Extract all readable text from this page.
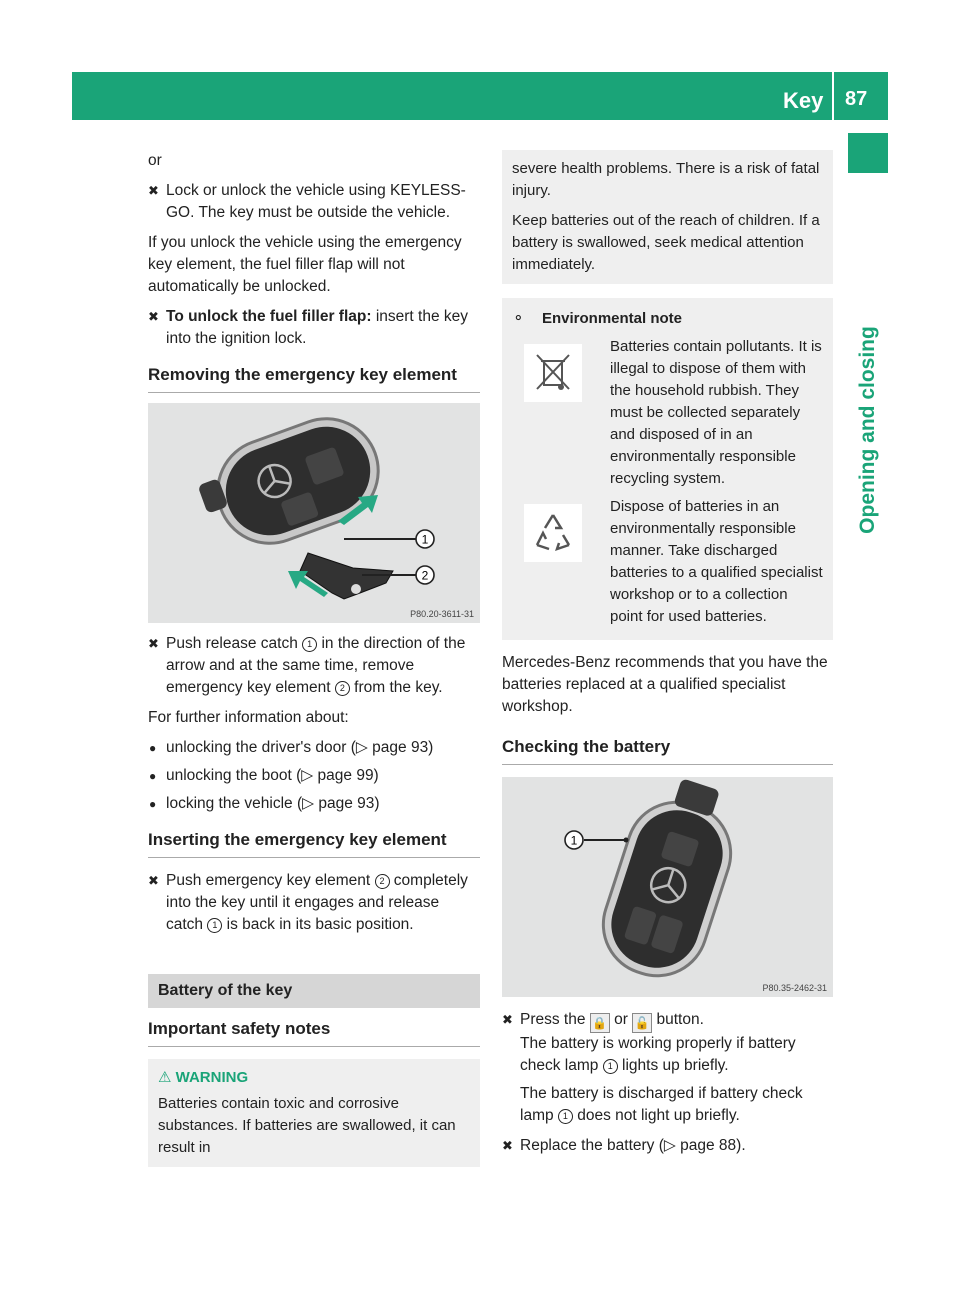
Key 87
Opening and closing

or

✖ Lock or unlock the vehicle using KEYLESS-GO. The key must be outside the vehicle.

If you unlock the vehicle using the emergency key element, the fuel filler flap will not automatically be unlocked.

✖ To unlock the fuel filler flap: insert the key into the ignition lock.
Removing the emergency key element
1
2
P80.20-3611-31
✖ Push release catch 1 in the direction of the arrow and at the same time, remove emergency key element 2 from the key.

For further information about:

● unlocking the driver's door (▷ page 93)
● unlocking the boot (▷ page 99)
● locking the vehicle (▷ page 93)
Inserting the emergency key element
✖ Push emergency key element 2 completely into the key until it engages and release catch 1 is back in its basic position.
Battery of the key
Important safety notes
⚠ WARNING
Batteries contain toxic and corrosive substances. If batteries are swallowed, it can result in

severe health problems. There is a risk of fatal injury.

Keep batteries out of the reach of children. If a battery is swallowed, seek medical attention immediately.

⚬ Environmental note
Batteries contain pollutants. It is illegal to dispose of them with the household rubbish. They must be collected separately and disposed of in an environmentally responsible recycling system.
Dispose of batteries in an environmentally responsible manner. Take discharged batteries to a qualified specialist workshop or to a collection point for used batteries.

Mercedes-Benz recommends that you have the batteries replaced at a qualified specialist workshop.

Checking the battery
1
P80.35-2462-31
✖ Press the 🔒 or 🔓 button.
The battery is working properly if battery check lamp 1 lights up briefly.
The battery is discharged if battery check lamp 1 does not light up briefly.
✖ Replace the battery (▷ page 88).
